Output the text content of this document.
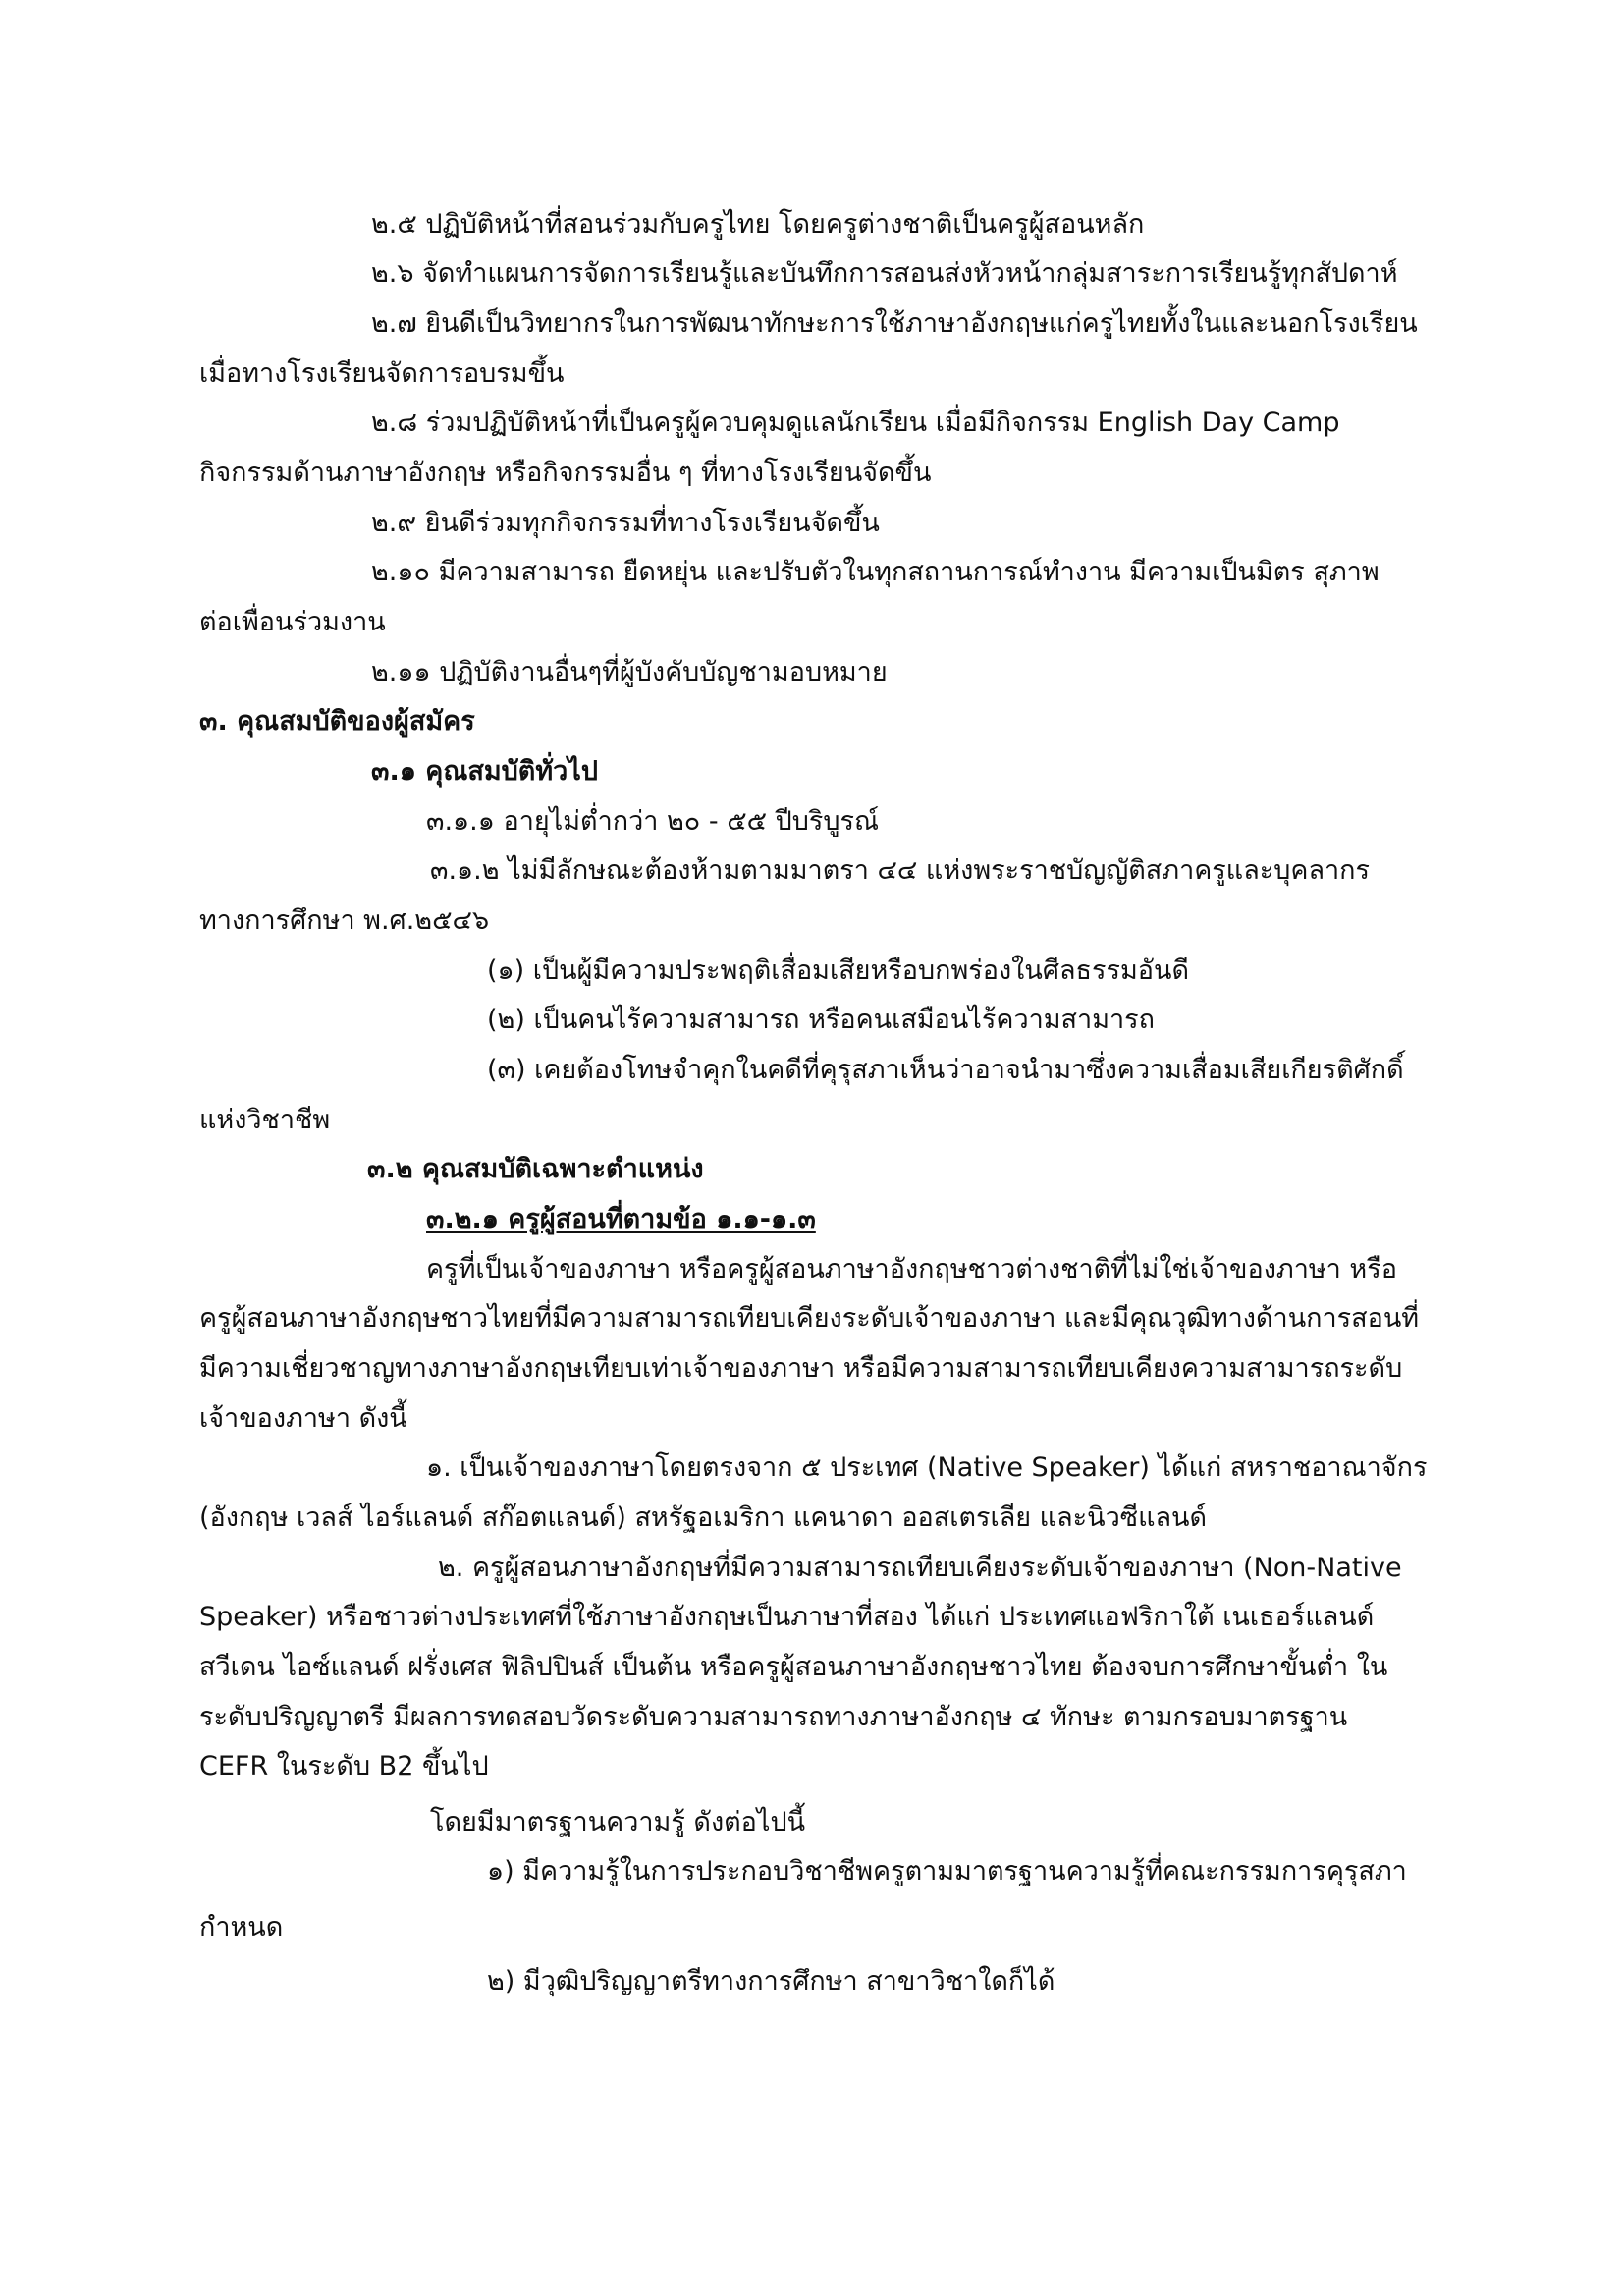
๒.๕ ปฏิบัติหน้าที่สอนร่วมกับครูไทย โดยครูต่างชาติเป็นครูผู้สอนหลัก
๒.๖ จัดทำแผนการจัดการเรียนรู้และบันทึกการสอนส่งหัวหน้ากลุ่มสาระการเรียนรู้ทุกสัปดาห์
๒.๗ ยินดีเป็นวิทยากรในการพัฒนาทักษะการใช้ภาษาอังกฤษแก่ครูไทยทั้งในและนอกโรงเรียน
เมื่อทางโรงเรียนจัดการอบรมขึ้น
๒.๘ ร่วมปฏิบัติหน้าที่เป็นครูผู้ควบคุมดูแลนักเรียน เมื่อมีกิจกรรม English Day Camp
กิจกรรมด้านภาษาอังกฤษ หรือกิจกรรมอื่น ๆ ที่ทางโรงเรียนจัดขึ้น
๒.๙ ยินดีร่วมทุกกิจกรรมที่ทางโรงเรียนจัดขึ้น
๒.๑๐ มีความสามารถ ยืดหยุ่น และปรับตัวในทุกสถานการณ์ทำงาน มีความเป็นมิตร สุภาพ
ต่อเพื่อนร่วมงาน
๒.๑๑ ปฏิบัติงานอื่นๆที่ผู้บังคับบัญชามอบหมาย
๓. คุณสมบัติของผู้สมัคร
๓.๑ คุณสมบัติทั่วไป
๓.๑.๑ อายุไม่ต่ำกว่า ๒๐ - ๕๕ ปีบริบูรณ์
๓.๑.๒ ไม่มีลักษณะต้องห้ามตามมาตรา ๔๔ แห่งพระราชบัญญัติสภาครูและบุคลากร
ทางการศึกษา พ.ศ.๒๕๔๖
(๑) เป็นผู้มีความประพฤติเสื่อมเสียหรือบกพร่องในศีลธรรมอันดี
(๒) เป็นคนไร้ความสามารถ หรือคนเสมือนไร้ความสามารถ
(๓) เคยต้องโทษจำคุกในคดีที่คุรุสภาเห็นว่าอาจนำมาซึ่งความเสื่อมเสียเกียรติศักดิ์
แห่งวิชาชีพ
๓.๒ คุณสมบัติเฉพาะตำแหน่ง
๓.๒.๑ ครูผู้สอนที่ตามข้อ ๑.๑-๑.๓
ครูที่เป็นเจ้าของภาษา หรือครูผู้สอนภาษาอังกฤษชาวต่างชาติที่ไม่ใช่เจ้าของภาษา หรือ
ครูผู้สอนภาษาอังกฤษชาวไทยที่มีความสามารถเทียบเคียงระดับเจ้าของภาษา และมีคุณวุฒิทางด้านการสอนที่
มีความเชี่ยวชาญทางภาษาอังกฤษเทียบเท่าเจ้าของภาษา หรือมีความสามารถเทียบเคียงความสามารถระดับ
เจ้าของภาษา ดังนี้
๑. เป็นเจ้าของภาษาโดยตรงจาก ๕ ประเทศ (Native Speaker) ได้แก่ สหราชอาณาจักร
(อังกฤษ เวลส์ ไอร์แลนด์ สก๊อตแลนด์) สหรัฐอเมริกา แคนาดา ออสเตรเลีย และนิวซีแลนด์
๒. ครูผู้สอนภาษาอังกฤษที่มีความสามารถเทียบเคียงระดับเจ้าของภาษา (Non-Native
Speaker) หรือชาวต่างประเทศที่ใช้ภาษาอังกฤษเป็นภาษาที่สอง ได้แก่ ประเทศแอฟริกาใต้ เนเธอร์แลนด์
สวีเดน ไอซ์แลนด์ ฝรั่งเศส ฟิลิปปินส์ เป็นต้น หรือครูผู้สอนภาษาอังกฤษชาวไทย ต้องจบการศึกษาขั้นต่ำ ใน
ระดับปริญญาตรี มีผลการทดสอบวัดระดับความสามารถทางภาษาอังกฤษ ๔ ทักษะ ตามกรอบมาตรฐาน
CEFR ในระดับ B2 ขึ้นไป
โดยมีมาตรฐานความรู้ ดังต่อไปนี้
๑) มีความรู้ในการประกอบวิชาชีพครูตามมาตรฐานความรู้ที่คณะกรรมการคุรุสภา
กำหนด
๒) มีวุฒิปริญญาตรีทางการศึกษา สาขาวิชาใดก็ได้
